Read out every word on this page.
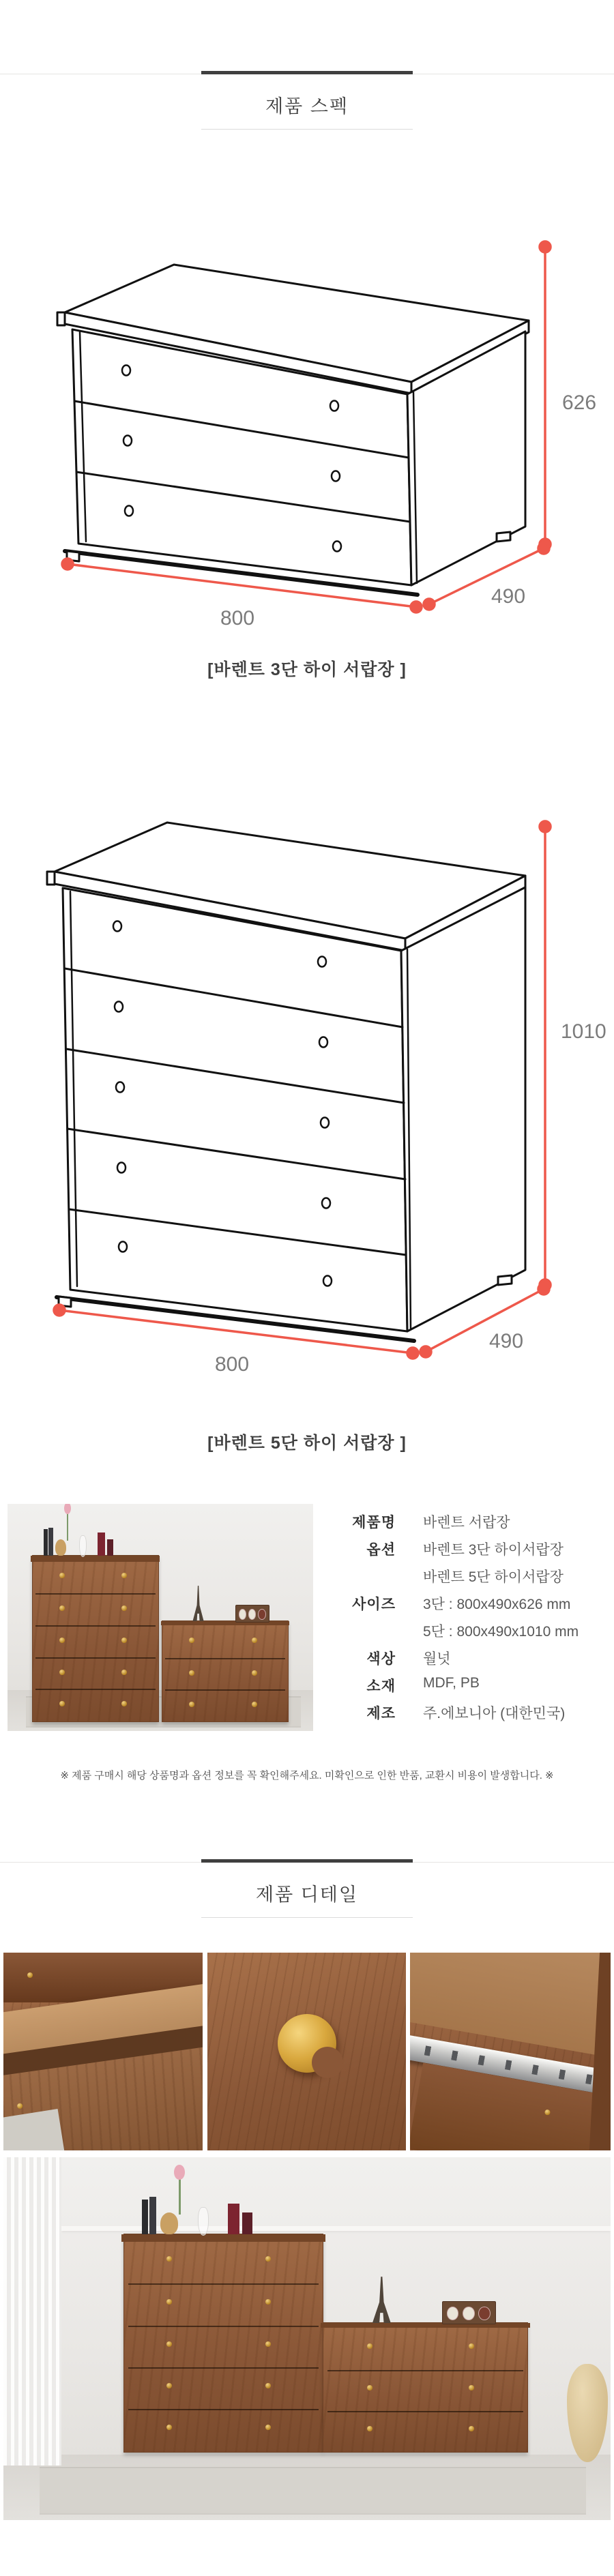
제품 스펙
626
800
490
[바렌트 3단 하이 서랍장 ]
1010
800
490
[바렌트 5단 하이 서랍장 ]
제품명 바렌트 서랍장
옵션 바렌트 3단 하이서랍장
바렌트 5단 하이서랍장
사이즈 3단 : 800x490x626 mm
5단 : 800x490x1010 mm
색상 월넛
소재 MDF, PB
제조 주.에보니아 (대한민국)
※ 제품 구매시 해당 상품명과 옵션 정보를 꼭 확인해주세요. 미확인으로 인한 반품, 교환시 비용이 발생합니다. ※
제품 디테일
